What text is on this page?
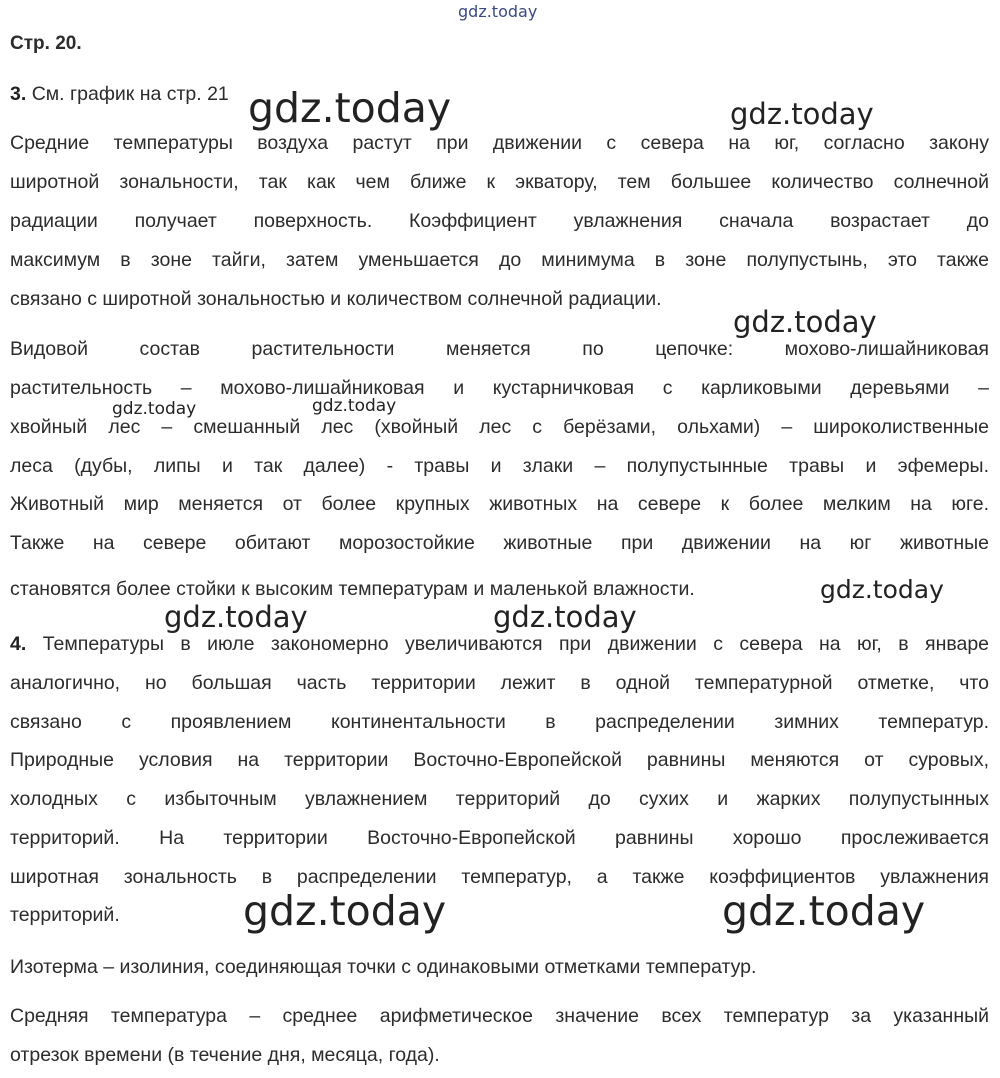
Стр. 20.
3. См. график на стр. 21
Средние температуры воздуха растут при движении с севера на юг, согласно закону
широтной зональности, так как чем ближе к экватору, тем большее количество солнечной
радиации получает поверхность. Коэффициент увлажнения сначала возрастает до
максимум в зоне тайги, затем уменьшается до минимума в зоне полупустынь, это также
связано с широтной зональностью и количеством солнечной радиации.
Видовой состав растительности меняется по цепочке: мохово-лишайниковая
растительность – мохово-лишайниковая и кустарничковая с карликовыми деревьями –
хвойный лес – смешанный лес (хвойный лес с берёзами, ольхами) – широколиственные
леса (дубы, липы и так далее) - травы и злаки – полупустынные травы и эфемеры.
Животный мир меняется от более крупных животных на севере к более мелким на юге.
Также на севере обитают морозостойкие животные при движении на юг животные
становятся более стойки к высоким температурам и маленькой влажности.
4. Температуры в июле закономерно увеличиваются при движении с севера на юг, в январе
аналогично, но большая часть территории лежит в одной температурной отметке, что
связано с проявлением континентальности в распределении зимних температур.
Природные условия на территории Восточно-Европейской равнины меняются от суровых,
холодных с избыточным увлажнением территорий до сухих и жарких полупустынных
территорий. На территории Восточно-Европейской равнины хорошо прослеживается
широтная зональность в распределении температур, а также коэффициентов увлажнения
территорий.
Изотерма – изолиния, соединяющая точки с одинаковыми отметками температур.
Средняя температура – среднее арифметическое значение всех температур за указанный
отрезок времени (в течение дня, месяца, года).
gdz.today
gdz.today	gdz.today
gdz.today
gdz.today	gdz.today
gdz.today
gdz.today	gdz.today
gdz.today	gdz.today
